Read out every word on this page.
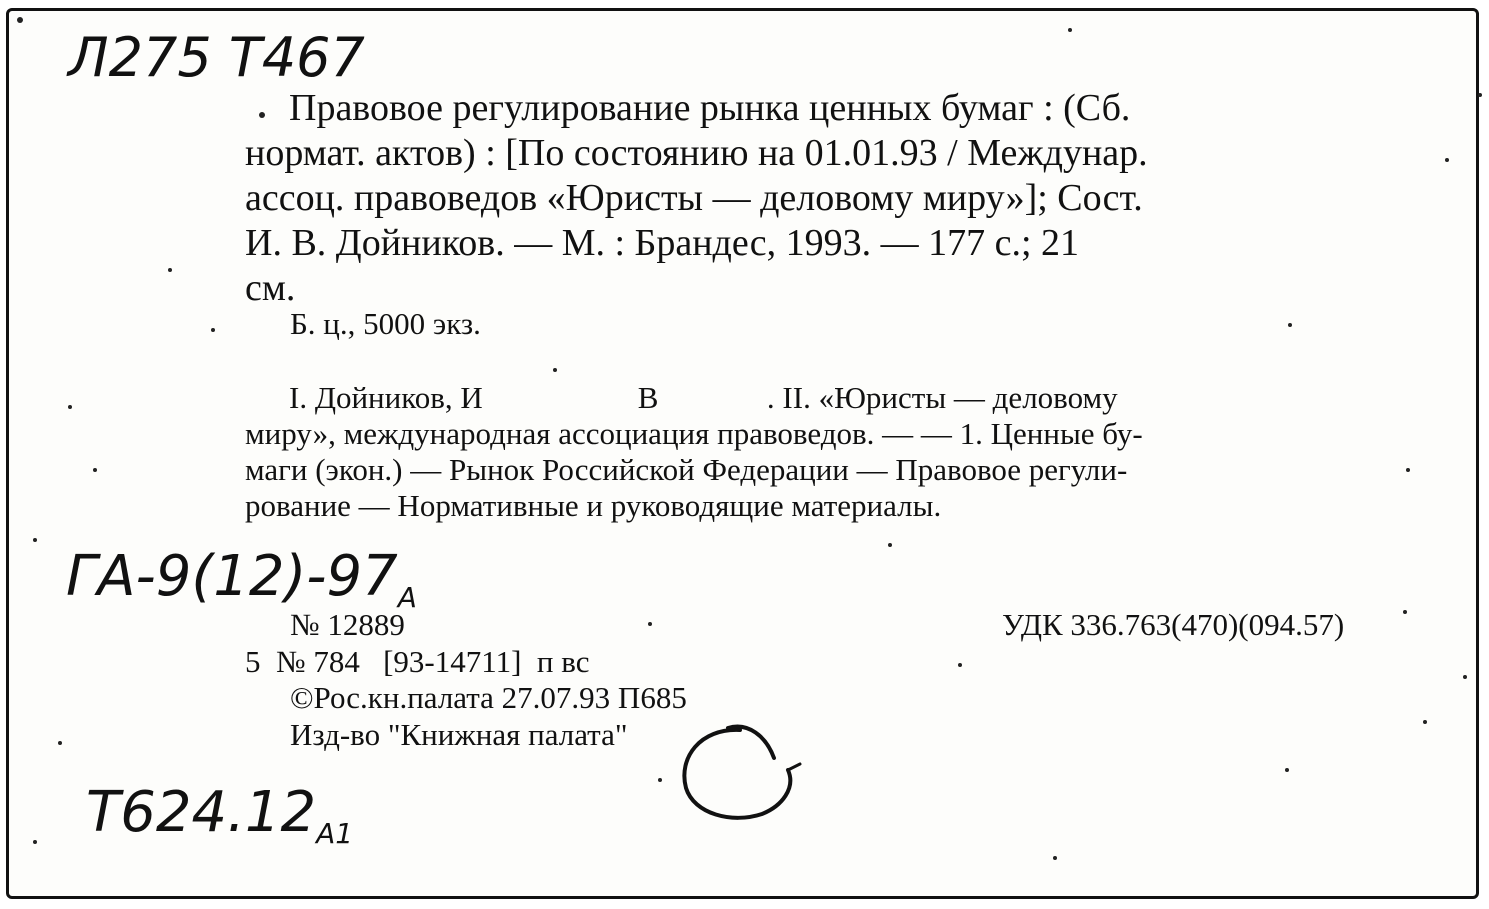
Л275 Т467
$ГА-9(12)-97_А$
$Т624.12_{А1}$
Правовое регулирование рынка ценных бумаг : (Сб.
нормат. актов) : [По состоянию на 01.01.93 / Междунар.
ассоц. правоведов «Юристы — деловому миру»]; Сост.
И. В. Дойников. — М. : Брандес, 1993. — 177 с.; 21
см.
Б. ц., 5000 экз.
I. Дойников, И                    В              . II. «Юристы — деловому
миру», международная ассоциация правоведов. — — 1. Ценные бу-
маги (экон.) — Рынок Российской Федерации — Правовое регули-
рование — Нормативные и руководящие материалы.
№ 12889	УДК 336.763(470)(094.57)
5  № 784   [93-14711]  п вс
©Рос.кн.палата 27.07.93 П685
Изд-во "Книжная палата"
